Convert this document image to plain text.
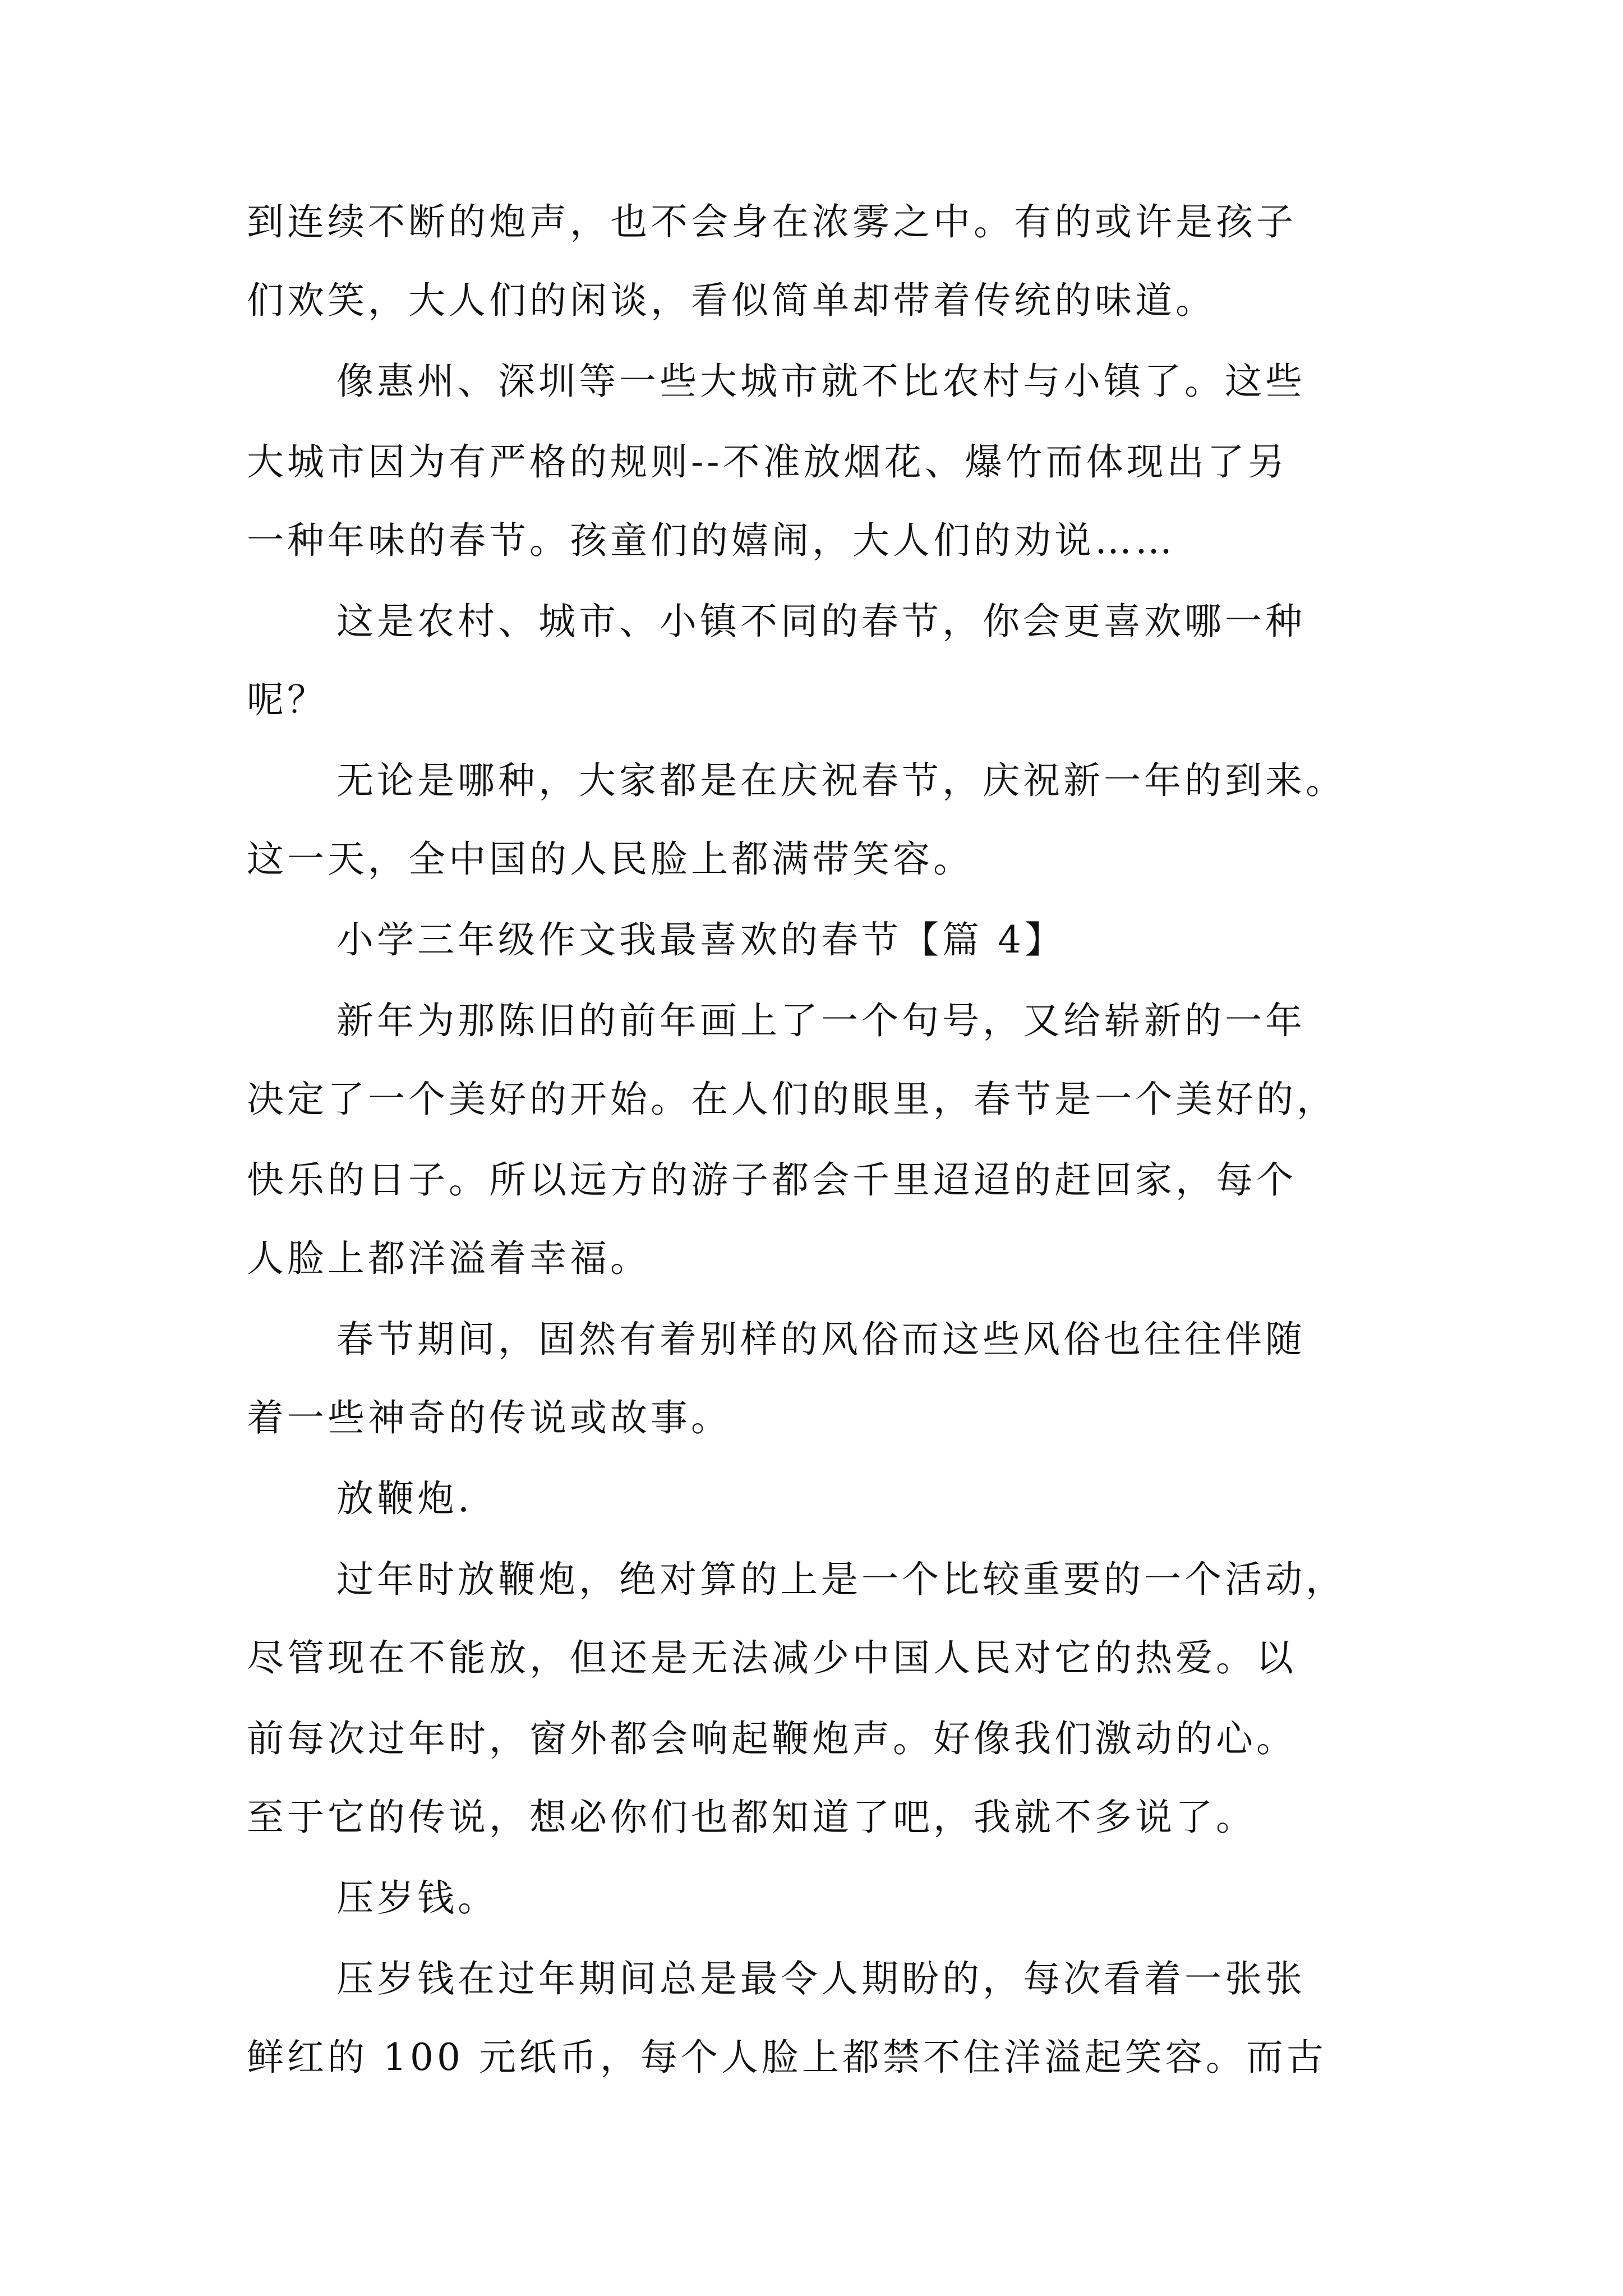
到连续不断的炮声，也不会身在浓雾之中。有的或许是孩子
们欢笑，大人们的闲谈，看似简单却带着传统的味道。
像惠州、深圳等一些大城市就不比农村与小镇了。这些
大城市因为有严格的规则--不准放烟花、爆竹而体现出了另
一种年味的春节。孩童们的嬉闹，大人们的劝说……
这是农村、城市、小镇不同的春节，你会更喜欢哪一种
呢？
无论是哪种，大家都是在庆祝春节，庆祝新一年的到来。
这一天，全中国的人民脸上都满带笑容。
小学三年级作文我最喜欢的春节【篇 4】
新年为那陈旧的前年画上了一个句号，又给崭新的一年
决定了一个美好的开始。在人们的眼里，春节是一个美好的，
快乐的日子。所以远方的游子都会千里迢迢的赶回家，每个
人脸上都洋溢着幸福。
春节期间，固然有着别样的风俗而这些风俗也往往伴随
着一些神奇的传说或故事。
放鞭炮.
过年时放鞭炮，绝对算的上是一个比较重要的一个活动，
尽管现在不能放，但还是无法减少中国人民对它的热爱。以
前每次过年时，窗外都会响起鞭炮声。好像我们激动的心。
至于它的传说，想必你们也都知道了吧，我就不多说了。
压岁钱。
压岁钱在过年期间总是最令人期盼的，每次看着一张张
鲜红的 100 元纸币，每个人脸上都禁不住洋溢起笑容。而古
